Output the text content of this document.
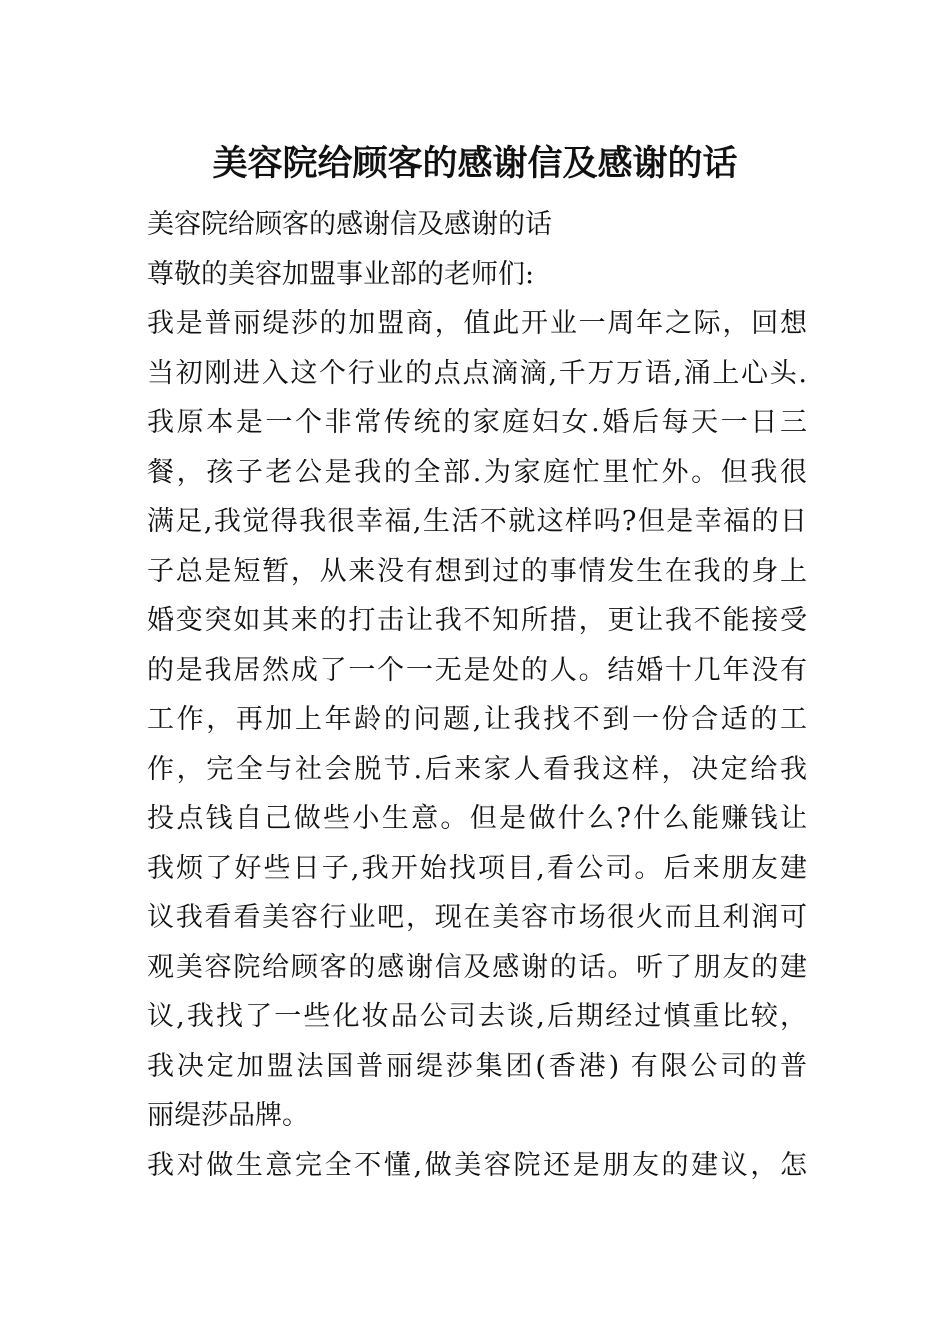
美容院给顾客的感谢信及感谢的话
美容院给顾客的感谢信及感谢的话
尊敬的美容加盟事业部的老师们:
我是普丽缇莎的加盟商，值此开业一周年之际，回想
当初刚进入这个行业的点点滴滴,千万万语,涌上心头.
我原本是一个非常传统的家庭妇女.婚后每天一日三
餐，孩子老公是我的全部.为家庭忙里忙外。但我很
满足,我觉得我很幸福,生活不就这样吗?但是幸福的日
子总是短暂，从来没有想到过的事情发生在我的身上
婚变突如其来的打击让我不知所措，更让我不能接受
的是我居然成了一个一无是处的人。结婚十几年没有
工作，再加上年龄的问题,让我找不到一份合适的工
作，完全与社会脱节.后来家人看我这样，决定给我
投点钱自己做些小生意。但是做什么?什么能赚钱让
我烦了好些日子,我开始找项目,看公司。后来朋友建
议我看看美容行业吧，现在美容市场很火而且利润可
观美容院给顾客的感谢信及感谢的话。听了朋友的建
议,我找了一些化妆品公司去谈,后期经过慎重比较，
我决定加盟法国普丽缇莎集团(香港) 有限公司的普
丽缇莎品牌。
我对做生意完全不懂,做美容院还是朋友的建议，怎
